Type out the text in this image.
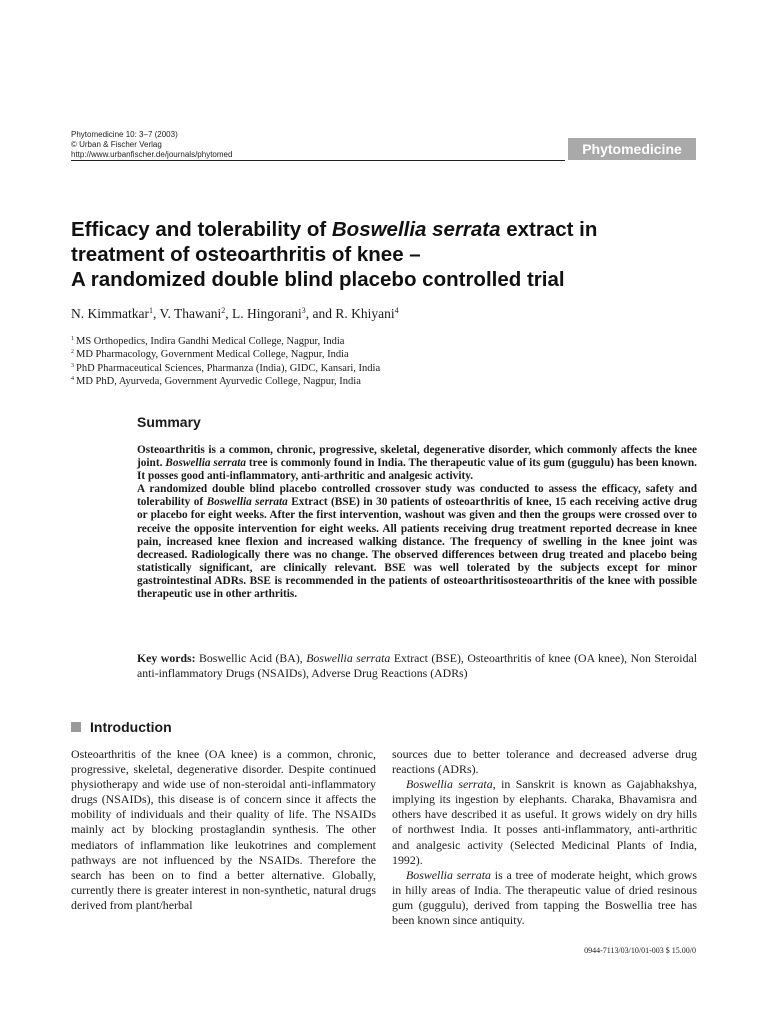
Phytomedicine 10: 3–7 (2003)
© Urban & Fischer Verlag
http://www.urbanfischer.de/journals/phytomed	Phytomedicine
Efficacy and tolerability of Boswellia serrata extract in
treatment of osteoarthritis of knee –
A randomized double blind placebo controlled trial
N. Kimmatkar$^1$, V. Thawani$^2$, L. Hingorani$^3$, and R. Khiyani$^4$
$^1$ MS Orthopedics, Indira Gandhi Medical College, Nagpur, India
$^2$ MD Pharmacology, Government Medical College, Nagpur, India
$^3$ PhD Pharmaceutical Sciences, Pharmanza (India), GIDC, Kansari, India
$^4$ MD PhD, Ayurveda, Government Ayurvedic College, Nagpur, India
Summary

Osteoarthritis is a common, chronic, progressive, skeletal, degenerative disorder, which commonly affects the knee joint. Boswellia serrata tree is commonly found in India. The therapeutic value of its gum (guggulu) has been known. It posses good anti-inflammatory, anti-arthritic and analgesic activity.

A randomized double blind placebo controlled crossover study was conducted to assess the efficacy, safety and tolerability of Boswellia serrata Extract (BSE) in 30 patients of osteoarthritis of knee, 15 each receiving active drug or placebo for eight weeks. After the first intervention, washout was given and then the groups were crossed over to receive the opposite intervention for eight weeks. All patients receiving drug treatment reported decrease in knee pain, increased knee flexion and increased walking distance. The frequency of swelling in the knee joint was decreased. Radiologically there was no change. The observed differences between drug treated and placebo being statistically significant, are clinically relevant. BSE was well tolerated by the subjects except for minor gastrointestinal ADRs. BSE is recommended in the patients of osteoarthritisosteoarthritis of the knee with possible therapeutic use in other arthritis.

Key words: Boswellic Acid (BA), Boswellia serrata Extract (BSE), Osteoarthritis of knee (OA knee), Non Steroidal anti-inflammatory Drugs (NSAIDs), Adverse Drug Reactions (ADRs)
Introduction

Osteoarthritis of the knee (OA knee) is a common, chronic, progressive, skeletal, degenerative disorder. Despite continued physiotherapy and wide use of non-steroidal anti-inflammatory drugs (NSAIDs), this disease is of concern since it affects the mobility of individuals and their quality of life. The NSAIDs mainly act by blocking prostaglandin synthesis. The other mediators of inflammation like leukotrines and complement pathways are not influenced by the NSAIDs. Therefore the search has been on to find a better alternative. Globally, currently there is greater interest in non-synthetic, natural drugs derived from plant/herbal

sources due to better tolerance and decreased adverse drug reactions (ADRs).

Boswellia serrata, in Sanskrit is known as Gajabhakshya, implying its ingestion by elephants. Charaka, Bhavamisra and others have described it as useful. It grows widely on dry hills of northwest India. It posses anti-inflammatory, anti-arthritic and analgesic activity (Selected Medicinal Plants of India, 1992).

Boswellia serrata is a tree of moderate height, which grows in hilly areas of India. The therapeutic value of dried resinous gum (guggulu), derived from tapping the Boswellia tree has been known since antiquity.

0944-7113/03/10/01-003 $ 15.00/0
